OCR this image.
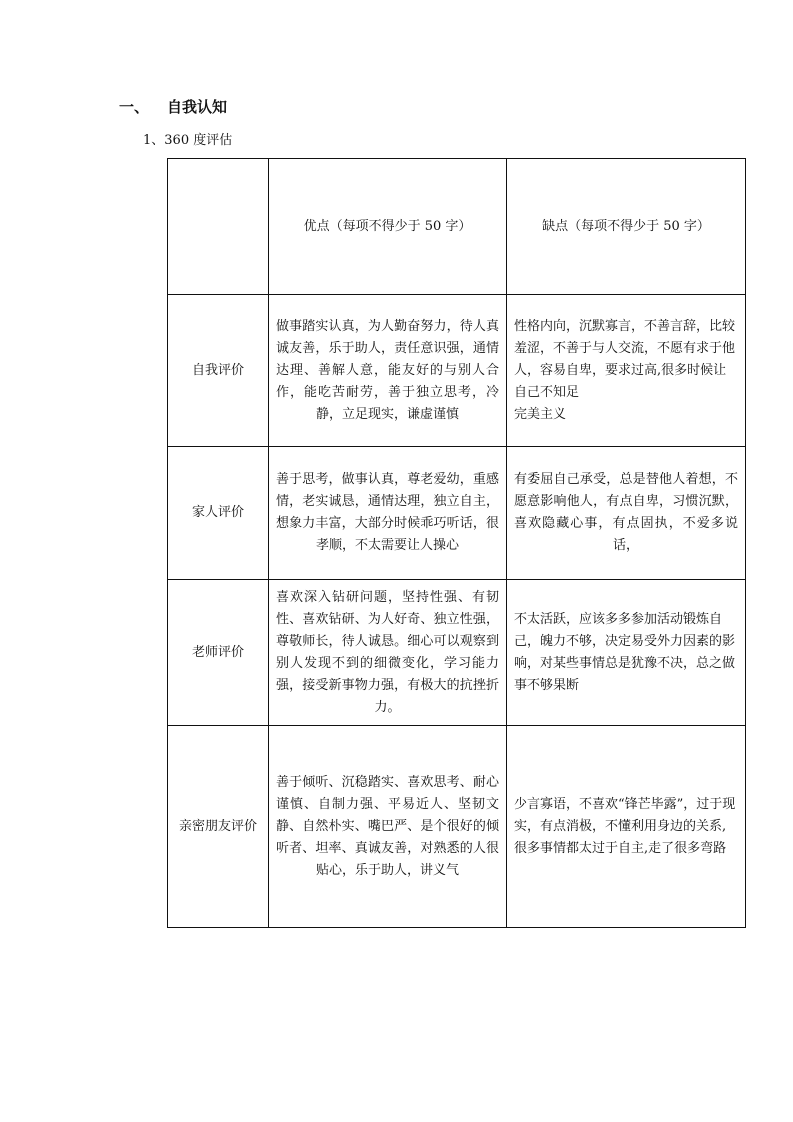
一、 自我认知
1、360 度评估
	优点（每项不得少于 50 字）	缺点（每项不得少于 50 字）
自我评价	做事踏实认真，为人勤奋努力，待人真诚友善，乐于助人，责任意识强，通情达理、善解人意，能友好的与别人合作，能吃苦耐劳，善于独立思考，冷静，立足现实，谦虚谨慎	性格内向，沉默寡言，不善言辞，比较羞涩，不善于与人交流，不愿有求于他人，容易自卑，要求过高,很多时候让自己不知足
完美主义

家人评价	善于思考，做事认真，尊老爱幼，重感情，老实诚恳，通情达理，独立自主，想象力丰富，大部分时候乖巧听话，很孝顺，不太需要让人操心	有委屈自己承受，总是替他人着想，不愿意影响他人，有点自卑，习惯沉默，喜欢隐藏心事，有点固执，不爱多说话，
老师评价	喜欢深入钻研问题，坚持性强、有韧性、喜欢钻研、为人好奇、独立性强，尊敬师长，待人诚恳。细心可以观察到别人发现不到的细微变化，学习能力强，接受新事物力强，有极大的抗挫折力。	不太活跃，应该多多参加活动锻炼自己，魄力不够，决定易受外力因素的影响，对某些事情总是犹豫不决，总之做事不够果断
亲密朋友评价	善于倾听、沉稳踏实、喜欢思考、耐心谨慎、自制力强、平易近人、坚韧文静、自然朴实、嘴巴严、是个很好的倾听者、坦率、真诚友善，对熟悉的人很贴心，乐于助人，讲义气	少言寡语，不喜欢“锋芒毕露”，过于现实，有点消极，不懂利用身边的关系,很多事情都太过于自主,走了很多弯路
